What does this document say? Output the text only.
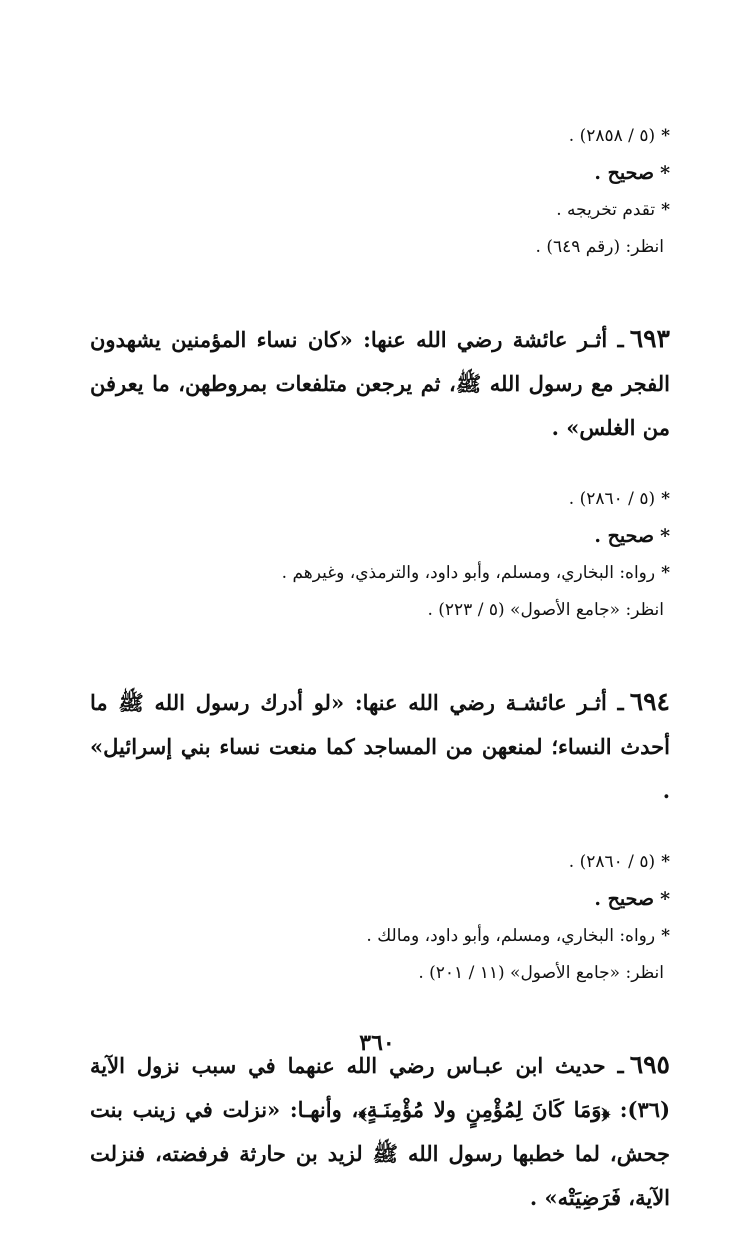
*(٥ / ٢٨٥٨) .

*صحيح .

*تقدم تخريجه .

انظر: (رقم ٦٤٩) .

٦٩٣ـ أثـر عائشة رضي الله عنها: «كان نساء المؤمنين يشهدون الفجر مع رسول الله ﷺ، ثم يرجعن متلفعات بمروطهن، ما يعرفن من الغلس» .

*(٥ / ٢٨٦٠) .

*صحيح .

*رواه: البخاري، ومسلم، وأبو داود، والترمذي، وغيرهم .

انظر: «جامع الأصول» (٥ / ٢٢٣) .

٦٩٤ـ أثـر عائشـة رضي الله عنها: «لو أدرك رسول الله ﷺ ما أحدث النساء؛ لمنعهن من المساجد كما منعت نساء بني إسرائيل» .

*(٥ / ٢٨٦٠) .

*صحيح .

*رواه: البخاري، ومسلم، وأبو داود، ومالك .

انظر: «جامع الأصول» (١١ / ٢٠١) .

٦٩٥ـ حديث ابن عبـاس رضي الله عنهما في سبب نزول الآية (٣٦): ﴿وَمَا كَانَ لِمُؤْمِنٍ ولا مُؤْمِنَـةٍ﴾، وأنهـا: «نزلت في زينب بنت جحش، لما خطبها رسول الله ﷺ لزيد بن حارثة فرفضته، فنزلت الآية، فَرَضِيَتْه» .

٣٦٠
